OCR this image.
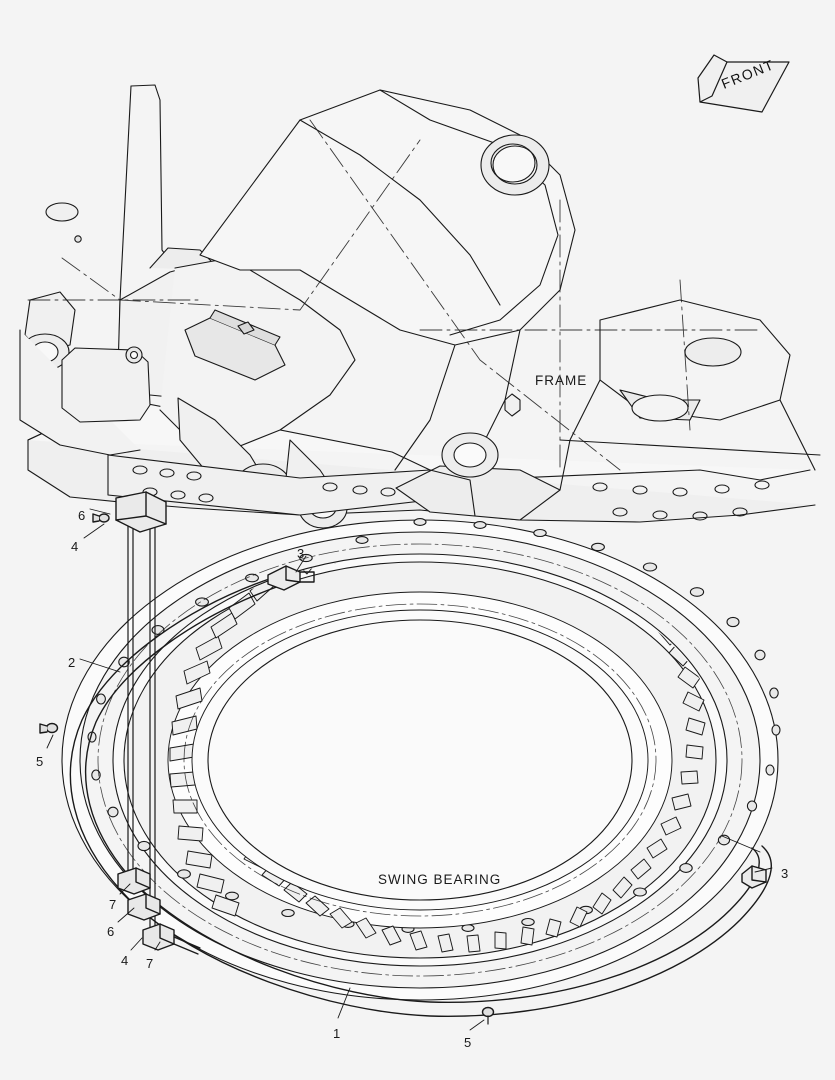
FRAME
SWING BEARING
6
4	3
2
5
3
7
6
4 7
1
5
FRONT
